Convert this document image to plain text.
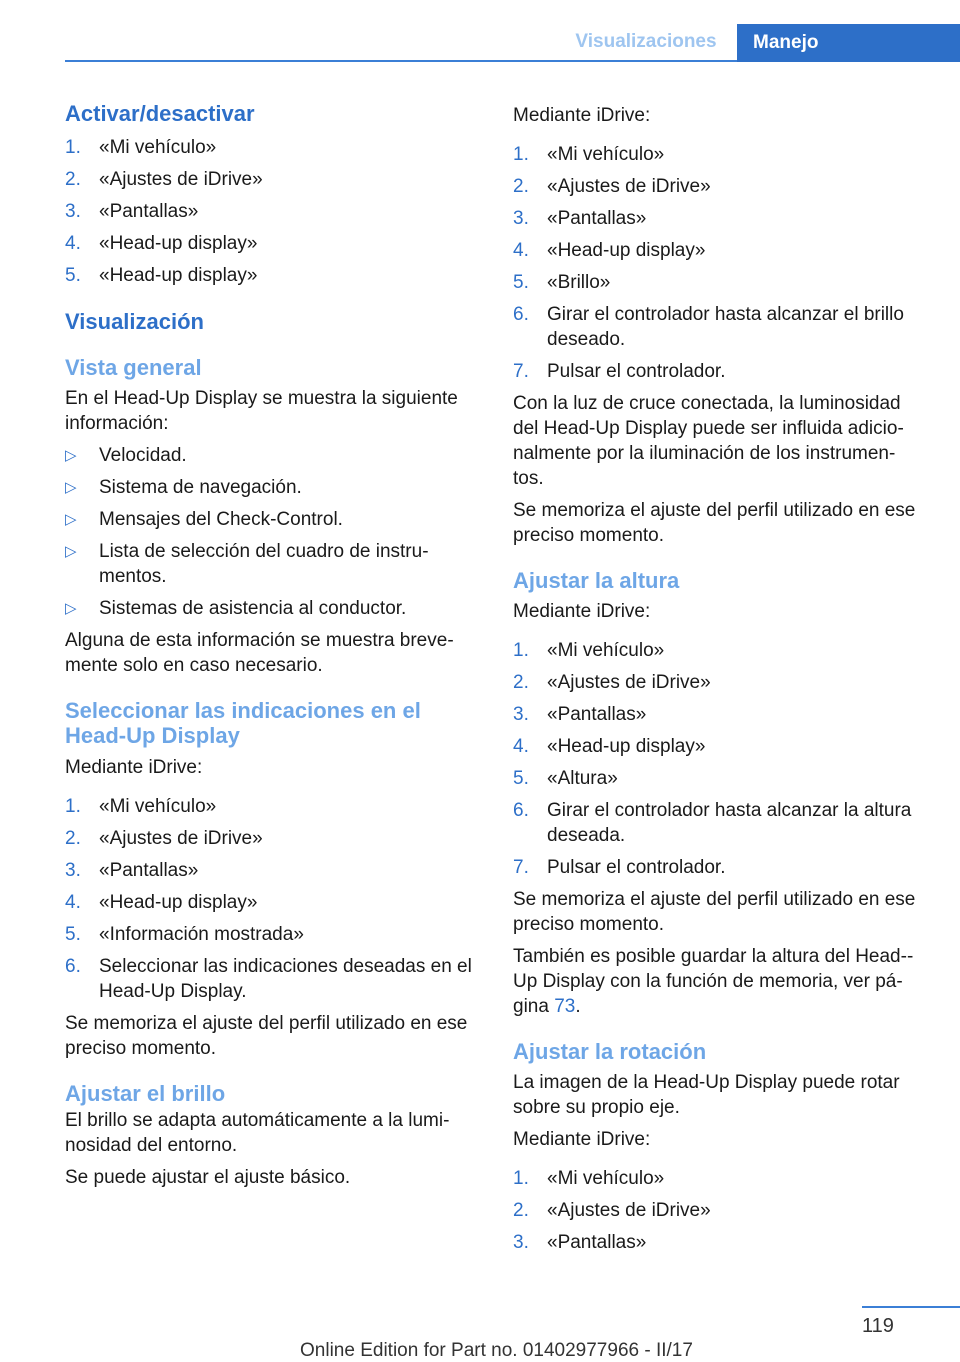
Visualizaciones	Manejo
Activar/desactivar
1. «Mi vehículo»
2. «Ajustes de iDrive»
3. «Pantallas»
4. «Head-up display»
5. «Head-up display»
Visualización
Vista general
En el Head-Up Display se muestra la siguiente información:
▷	Velocidad.
▷	Sistema de navegación.
▷	Mensajes del Check-Control.
▷	Lista de selección del cuadro de instru-mentos.
▷	Sistemas de asistencia al conductor.
Alguna de esta información se muestra breve-mente solo en caso necesario.
Seleccionar las indicaciones en el Head-Up Display
Mediante iDrive:
1. «Mi vehículo»
2. «Ajustes de iDrive»
3. «Pantallas»
4. «Head-up display»
5. «Información mostrada»
6. Seleccionar las indicaciones deseadas en el Head-Up Display.
Se memoriza el ajuste del perfil utilizado en ese preciso momento.
Ajustar el brillo
El brillo se adapta automáticamente a la lumi-nosidad del entorno.
Se puede ajustar el ajuste básico.
Mediante iDrive:
1. «Mi vehículo»
2. «Ajustes de iDrive»
3. «Pantallas»
4. «Head-up display»
5. «Brillo»
6. Girar el controlador hasta alcanzar el brillo deseado.
7. Pulsar el controlador.
Con la luz de cruce conectada, la luminosidad del Head-Up Display puede ser influida adicio-nalmente por la iluminación de los instrumen-tos.
Se memoriza el ajuste del perfil utilizado en ese preciso momento.
Ajustar la altura
Mediante iDrive:
1. «Mi vehículo»
2. «Ajustes de iDrive»
3. «Pantallas»
4. «Head-up display»
5. «Altura»
6. Girar el controlador hasta alcanzar la altura deseada.
7. Pulsar el controlador.
Se memoriza el ajuste del perfil utilizado en ese preciso momento.
También es posible guardar la altura del Head--Up Display con la función de memoria, ver pá-gina 73.
Ajustar la rotación
La imagen de la Head-Up Display puede rotar sobre su propio eje.
Mediante iDrive:
1. «Mi vehículo»
2. «Ajustes de iDrive»
3. «Pantallas»
119
Online Edition for Part no. 01402977966 - II/17
